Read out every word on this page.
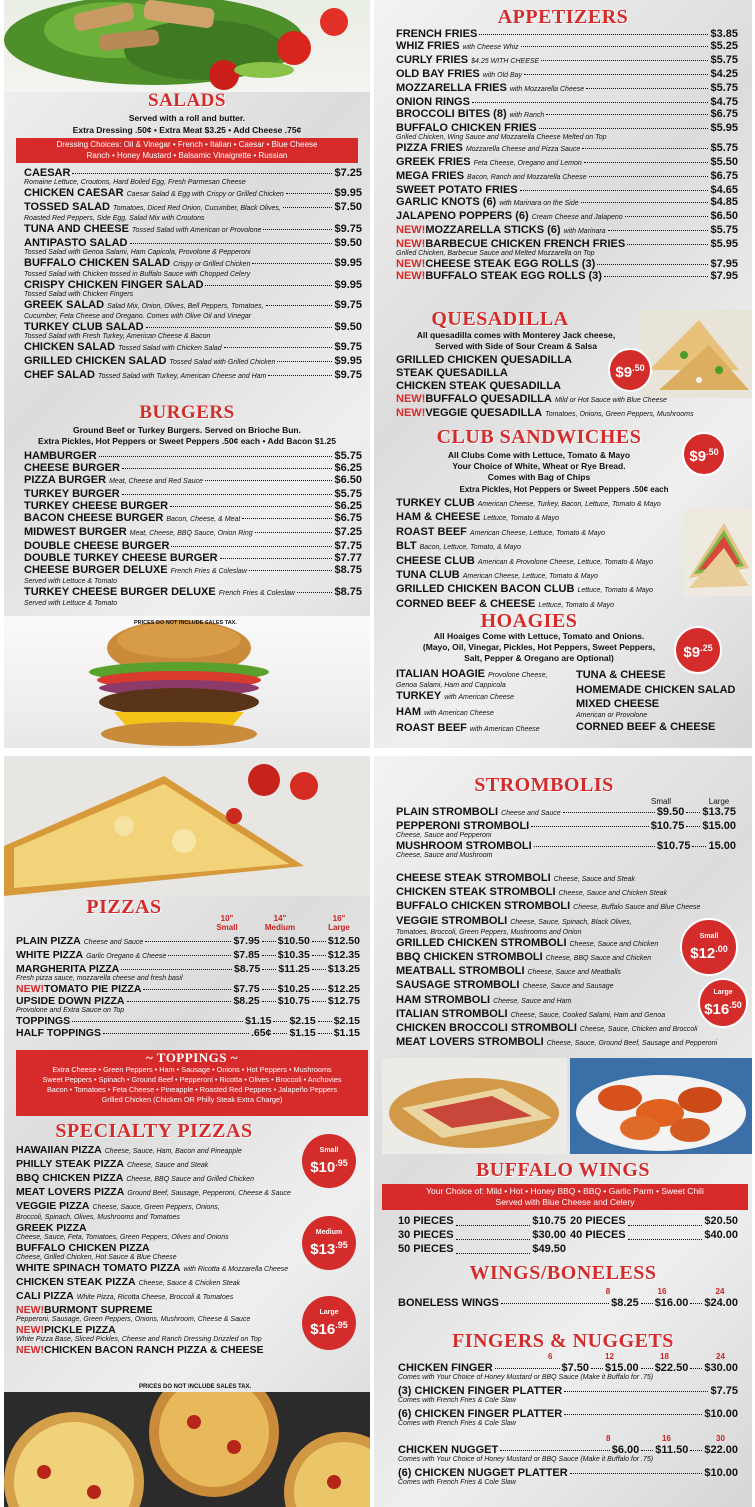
SALADS
Served with a roll and butter.
Extra Dressing .50¢ • Extra Meat $3.25 • Add Cheese .75¢
Dressing Choices: Oil & Vinegar • French • Italian • Caesar • Blue Cheese
Ranch • Honey Mustard • Balsamic Vinaigrette • Russian
CAESAR	$7.25
Romaine Lettuce, Croutons, Hard Boiled Egg, Fresh Parmesan Cheese
CHICKEN CAESAR Caesar Salad & Egg with Crispy or Grilled Chicken	$9.95
TOSSED SALAD Tomatoes, Diced Red Onion, Cucumber, Black Olives,	$7.50
Roasted Red Peppers, Side Egg, Salad Mix with Croutons
TUNA AND CHEESE Tossed Salad with American or Provolone	$9.75
ANTIPASTO SALAD	$9.50
Tossed Salad with Genoa Salami, Ham Capicola, Provolone & Pepperoni
BUFFALO CHICKEN SALAD Crispy or Grilled Chicken	$9.95
Tossed Salad with Chicken tossed in Buffalo Sauce with Chopped Celery
CRISPY CHICKEN FINGER SALAD	$9.95
Tossed Salad with Chicken Fingers
GREEK SALAD Salad Mix, Onion, Olives, Bell Peppers, Tomatoes,	$9.75
Cucumber, Feta Cheese and Oregano. Comes with Olive Oil and Vinegar
TURKEY CLUB SALAD	$9.50
Tossed Salad with Fresh Turkey, American Cheese & Bacon
CHICKEN SALAD Tossed Salad with Chicken Salad	$9.75
GRILLED CHICKEN SALAD Tossed Salad with Grilled Chicken	$9.95
CHEF SALAD Tossed Salad with Turkey, American Cheese and Ham	$9.75
BURGERS
Ground Beef or Turkey Burgers. Served on Brioche Bun.
Extra Pickles, Hot Peppers or Sweet Peppers .50¢ each • Add Bacon $1.25
HAMBURGER	$5.75
CHEESE BURGER	$6.25
PIZZA BURGER Meat, Cheese and Red Sauce	$6.50
TURKEY BURGER	$5.75
TURKEY CHEESE BURGER	$6.25
BACON CHEESE BURGER Bacon, Cheese, & Meat	$6.75
MIDWEST BURGER Meat, Cheese, BBQ Sauce, Onion Ring	$7.25
DOUBLE CHEESE BURGER	$7.75
DOUBLE TURKEY CHEESE BURGER	$7.77
CHEESE BURGER DELUXE French Fries & Coleslaw	$8.75
Served with Lettuce & Tomato
TURKEY CHEESE BURGER DELUXE French Fries & Coleslaw	$8.75
Served with Lettuce & Tomato
PRICES DO NOT INCLUDE SALES TAX.
APPETIZERS
FRENCH FRIES	$3.85
WHIZ FRIES with Cheese Whiz	$5.25
CURLY FRIES $4.25 WITH CHEESE	$5.75
OLD BAY FRIES with Old Bay	$4.25
MOZZARELLA FRIES with Mozzarella Cheese	$5.75
ONION RINGS	$4.75
BROCCOLI BITES (8) with Ranch	$6.75
BUFFALO CHICKEN FRIES	$5.95
Grilled Chicken, Wing Sauce and Mozzarella Cheese Melted on Top
PIZZA FRIES Mozzarella Cheese and Pizza Sauce	$5.75
GREEK FRIES Feta Cheese, Oregano and Lemon	$5.50
MEGA FRIES Bacon, Ranch and Mozzarella Cheese	$6.75
SWEET POTATO FRIES	$4.65
GARLIC KNOTS (6) with Marinara on the Side	$4.85
JALAPENO POPPERS (6) Cream Cheese and Jalapeno	$6.50
NEW! MOZZARELLA STICKS (6) with Marinara	$5.75
NEW! BARBECUE CHICKEN FRENCH FRIES	$5.95
Grilled Chicken, Barbecue Sauce and Melted Mozzarella on Top
NEW! CHEESE STEAK EGG ROLLS (3)	$7.95
NEW! BUFFALO STEAK EGG ROLLS (3)	$7.95
QUESADILLA
All quesadilla comes with Monterey Jack cheese,
Served with Side of Sour Cream & Salsa
$\$9^{.50}$
GRILLED CHICKEN QUESADILLA
STEAK QUESADILLA
CHICKEN STEAK QUESADILLA
NEW! BUFFALO QUESADILLA Mild or Hot Sauce with Blue Cheese
NEW! VEGGIE QUESADILLA Tomatoes, Onions, Green Peppers, Mushrooms
CLUB SANDWICHES
All Clubs Come with Lettuce, Tomato & Mayo
Your Choice of White, Wheat or Rye Bread.
Comes with Bag of Chips
Extra Pickles, Hot Peppers or Sweet Peppers .50¢ each
$\$9^{.50}$
TURKEY CLUB American Cheese, Turkey, Bacon, Lettuce, Tomato & Mayo
HAM & CHEESE Lettuce, Tomato & Mayo
ROAST BEEF American Cheese, Lettuce, Tomato & Mayo
BLT Bacon, Lettuce, Tomato, & Mayo
CHEESE CLUB American & Provolone Cheese, Lettuce, Tomato & Mayo
TUNA CLUB American Cheese, Lettuce, Tomato & Mayo
GRILLED CHICKEN BACON CLUB Lettuce, Tomato & Mayo
CORNED BEEF & CHEESE Lettuce, Tomato & Mayo
HOAGIES
All Hoaiges Come with Lettuce, Tomato and Onions.
(Mayo, Oil, Vinegar, Pickles, Hot Peppers, Sweet Peppers,
Salt, Pepper & Oregano are Optional)	$\$9^{.25}$
ITALIAN HOAGIE Provolone Cheese,
Genoa Salami, Ham and Cappicola
TURKEY with American Cheese
HAM with American Cheese
ROAST BEEF with American Cheese
TUNA & CHEESE
HOMEMADE CHICKEN SALAD
MIXED CHEESE
American or Provolone
CORNED BEEF & CHEESE
PIZZAS
10"
Small
14"
Medium
16"
Large
PLAIN PIZZA Cheese and Sauce	$7.95 $10.50 $12.50
WHITE PIZZA Garlic Oregano & Cheese	$7.85 $10.35 $12.35
MARGHERITA PIZZA	$8.75 $11.25 $13.25
Fresh pizza sauce, mozzarella cheese and fresh basil
NEW! TOMATO PIE PIZZA	$7.75 $10.25 $12.25
UPSIDE DOWN PIZZA	$8.25 $10.75 $12.75
Provolone and Extra Sauce on Top
TOPPINGS	$1.15 $2.15 $2.15
HALF TOPPINGS	.65¢ $1.15 $1.15
~ TOPPINGS ~
Extra Cheese • Green Peppers • Ham • Sausage • Onions • Hot Peppers • Mushrooms
Sweet Peppers • Spinach • Ground Beef • Pepperoni • Ricotta • Olives • Broccoli • Anchovies
Bacon • Tomatoes • Feta Cheese • Pineapple • Roasted Red Peppers • Jalapeño Peppers
Grilled Chicken (Chicken OR Philly Steak Extra Charge)
SPECIALTY PIZZAS
HAWAIIAN PIZZA Cheese, Sauce, Ham, Bacon and Pineapple
PHILLY STEAK PIZZA Cheese, Sauce and Steak
BBQ CHICKEN PIZZA Cheese, BBQ Sauce and Grilled Chicken
MEAT LOVERS PIZZA Ground Beef, Sausage, Pepperoni, Cheese & Sauce
VEGGIE PIZZA Cheese, Sauce, Green Peppers, Onions,
Broccoli, Spinach, Olives, Mushrooms and Tomatoes
GREEK PIZZA
Cheese, Sauce, Feta, Tomatoes, Green Peppers, Olives and Onions
BUFFALO CHICKEN PIZZA
Cheese, Grilled Chicken, Hot Sauce & Blue Cheese
WHITE SPINACH TOMATO PIZZA with Ricotta & Mozzarella Cheese
CHICKEN STEAK PIZZA Cheese, Sauce & Chicken Steak
CALI PIZZA White Pizza, Ricotta Cheese, Broccoli & Tomatoes
NEW! BURMONT SUPREME
Pepperoni, Sausage, Green Peppers, Onions, Mushroom, Cheese & Sauce
NEW! PICKLE PIZZA
White Pizza Base, Sliced Pickles, Cheese and Ranch Dressing Drizzled on Top
NEW! CHICKEN BACON RANCH PIZZA & CHEESE
Small
$\$10^{.95}$
Medium
$\$13^{.95}$
Large
$\$16^{.95}$
PRICES DO NOT INCLUDE SALES TAX.
STROMBOLIS
Small	Large
PLAIN STROMBOLI Cheese and Sauce	$9.50 $13.75
PEPPERONI STROMBOLI	$10.75 $15.00
Cheese, Sauce and Pepperoni
MUSHROOM STROMBOLI	$10.75 15.00
Cheese, Sauce and Mushroom
CHEESE STEAK STROMBOLI Cheese, Sauce and Steak
CHICKEN STEAK STROMBOLI Cheese, Sauce and Chicken Steak
BUFFALO CHICKEN STROMBOLI Cheese, Buffalo Sauce and Blue Cheese
VEGGIE STROMBOLI Cheese, Sauce, Spinach, Black Olives,
Tomatoes, Broccoli, Green Peppers, Mushrooms and Onion
GRILLED CHICKEN STROMBOLI Cheese, Sauce and Chicken
BBQ CHICKEN STROMBOLI Cheese, BBQ Sauce and Chicken
MEATBALL STROMBOLI Cheese, Sauce and Meatballs
SAUSAGE STROMBOLI Cheese, Sauce and Sausage
HAM STROMBOLI Cheese, Sauce and Ham
ITALIAN STROMBOLI Cheese, Sauce, Cooked Salami, Ham and Genoa
CHICKEN BROCCOLI STROMBOLI Cheese, Sauce, Chicken and Broccoli
MEAT LOVERS STROMBOLI Cheese, Sauce, Ground Beef, Sausage and Pepperoni
Small
$\$12^{.00}$
Large
$\$16^{.50}$
BUFFALO WINGS
Your Choice of: Mild • Hot • Honey BBQ • BBQ • Garlic Parm • Sweet Chili
Served with Blue Cheese and Celery
10 PIECES	$10.75 20 PIECES	$20.50
30 PIECES	$30.00 40 PIECES	$40.00
50 PIECES	$49.50
WINGS/BONELESS
8	16	24
BONELESS WINGS	$8.25 $16.00 $24.00
FINGERS & NUGGETS
6	12	18	24
CHICKEN FINGER	$7.50 $15.00 $22.50 $30.00
Comes with Your Choice of Honey Mustard or BBQ Sauce (Make it Buffalo for .75)
(3) CHICKEN FINGER PLATTER	$7.75
Comes with French Fries & Cole Slaw
(6) CHICKEN FINGER PLATTER	$10.00
Comes with French Fries & Cole Slaw
8	16	30
CHICKEN NUGGET	$6.00 $11.50 $22.00
Comes with Your Choice of Honey Mustard or BBQ Sauce (Make it Buffalo for .75)
(6) CHICKEN NUGGET PLATTER	$10.00
Comes with French Fries & Cole Slaw
